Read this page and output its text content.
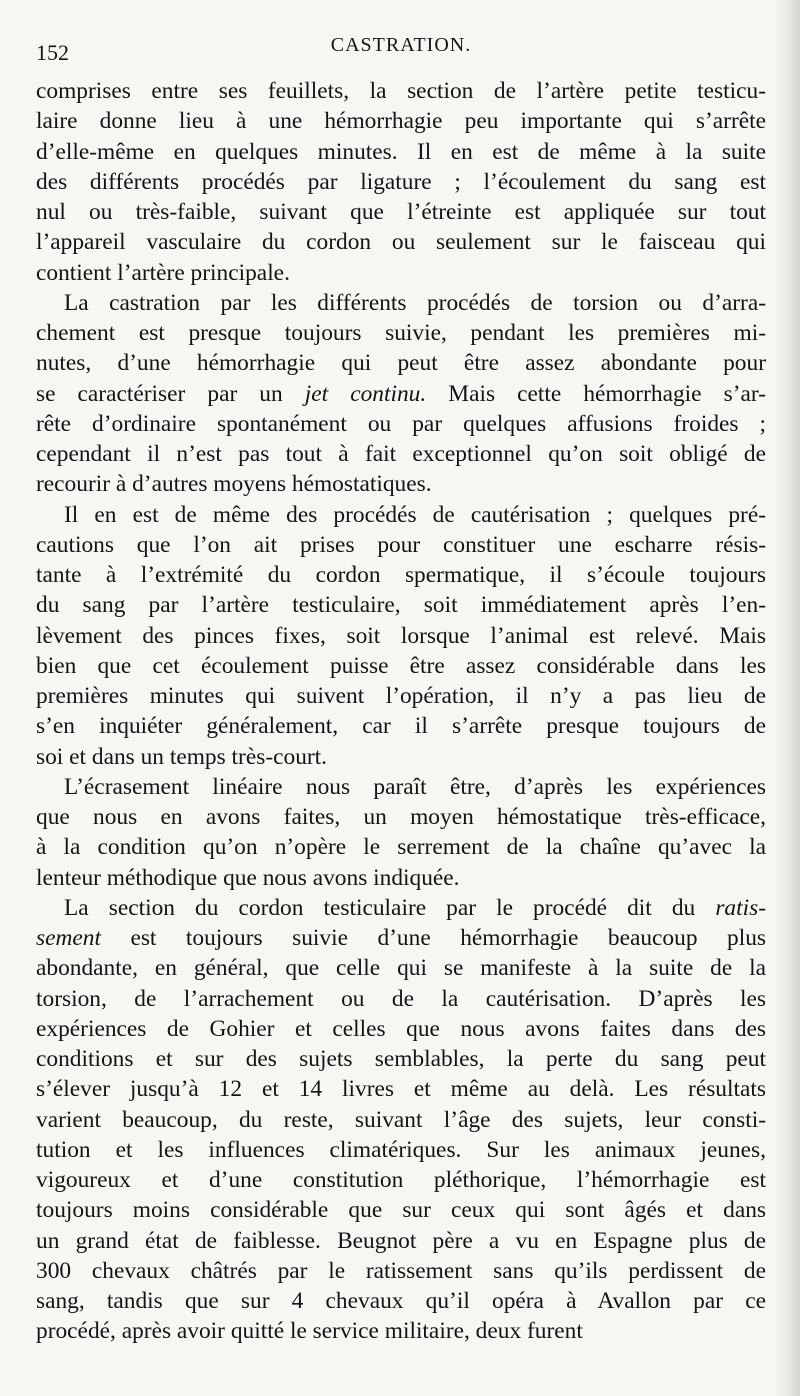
152	CASTRATION.
comprises entre ses feuillets, la section de l’artère petite testicu-
laire donne lieu à une hémorrhagie peu importante qui s’arrête
d’elle-même en quelques minutes. Il en est de même à la suite
des différents procédés par ligature ; l’écoulement du sang est
nul ou très-faible, suivant que l’étreinte est appliquée sur tout
l’appareil vasculaire du cordon ou seulement sur le faisceau qui
contient l’artère principale.
La castration par les différents procédés de torsion ou d’arra-
chement est presque toujours suivie, pendant les premières mi-
nutes, d’une hémorrhagie qui peut être assez abondante pour
se caractériser par un jet continu. Mais cette hémorrhagie s’ar-
rête d’ordinaire spontanément ou par quelques affusions froides ;
cependant il n’est pas tout à fait exceptionnel qu’on soit obligé de
recourir à d’autres moyens hémostatiques.
Il en est de même des procédés de cautérisation ; quelques pré-
cautions que l’on ait prises pour constituer une escharre résis-
tante à l’extrémité du cordon spermatique, il s’écoule toujours
du sang par l’artère testiculaire, soit immédiatement après l’en-
lèvement des pinces fixes, soit lorsque l’animal est relevé. Mais
bien que cet écoulement puisse être assez considérable dans les
premières minutes qui suivent l’opération, il n’y a pas lieu de
s’en inquiéter généralement, car il s’arrête presque toujours de
soi et dans un temps très-court.
L’écrasement linéaire nous paraît être, d’après les expériences
que nous en avons faites, un moyen hémostatique très-efficace,
à la condition qu’on n’opère le serrement de la chaîne qu’avec la
lenteur méthodique que nous avons indiquée.
La section du cordon testiculaire par le procédé dit du ratis-
sement est toujours suivie d’une hémorrhagie beaucoup plus
abondante, en général, que celle qui se manifeste à la suite de la
torsion, de l’arrachement ou de la cautérisation. D’après les
expériences de Gohier et celles que nous avons faites dans des
conditions et sur des sujets semblables, la perte du sang peut
s’élever jusqu’à 12 et 14 livres et même au delà. Les résultats
varient beaucoup, du reste, suivant l’âge des sujets, leur consti-
tution et les influences climatériques. Sur les animaux jeunes,
vigoureux et d’une constitution pléthorique, l’hémorrhagie est
toujours moins considérable que sur ceux qui sont âgés et dans
un grand état de faiblesse. Beugnot père a vu en Espagne plus de
300 chevaux châtrés par le ratissement sans qu’ils perdissent de
sang, tandis que sur 4 chevaux qu’il opéra à Avallon par ce
procédé, après avoir quitté le service militaire, deux furent
